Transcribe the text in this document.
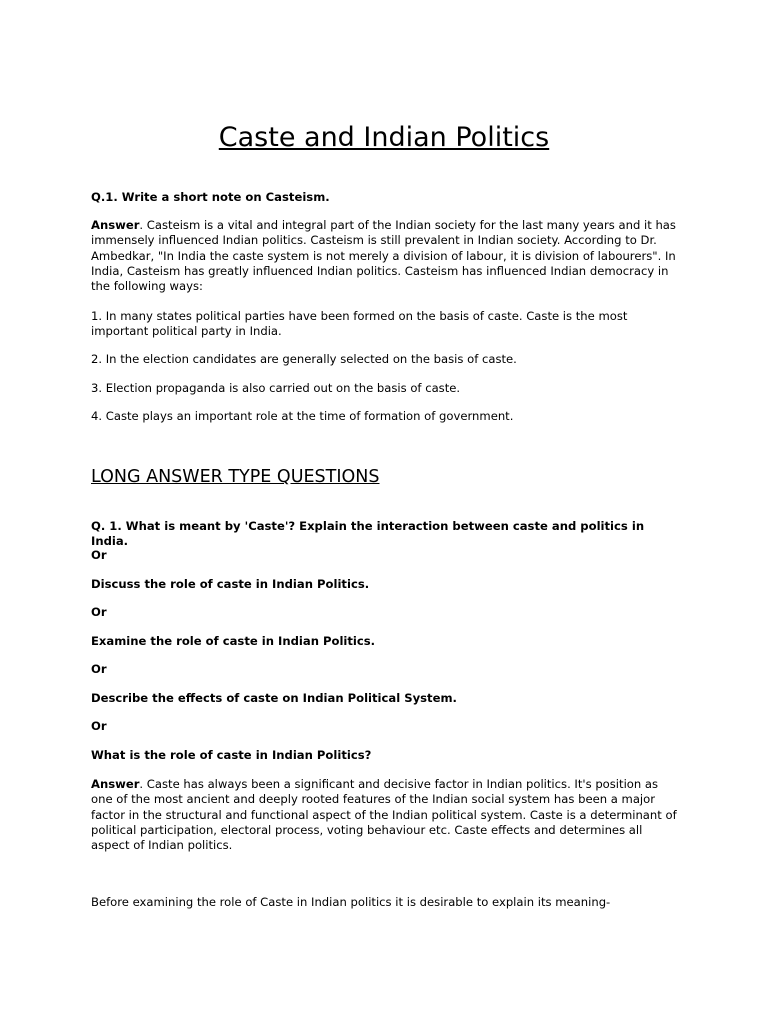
Caste and Indian Politics

Q.1. Write a short note on Casteism.

Answer. Casteism is a vital and integral part of the Indian society for the last many years and it has immensely influenced Indian politics. Casteism is still prevalent in Indian society. According to Dr. Ambedkar, "In India the caste system is not merely a division of labour, it is division of labourers". In India, Casteism has greatly influenced Indian politics. Casteism has influenced Indian democracy in the following ways:

1. In many states political parties have been formed on the basis of caste. Caste is the most important political party in India.

2. In the election candidates are generally selected on the basis of caste.

3. Election propaganda is also carried out on the basis of caste.

4. Caste plays an important role at the time of formation of government.

LONG ANSWER TYPE QUESTIONS

Q. 1. What is meant by 'Caste'? Explain the interaction between caste and politics in India.

Or

Discuss the role of caste in Indian Politics.

Or

Examine the role of caste in Indian Politics.

Or

Describe the effects of caste on Indian Political System.

Or

What is the role of caste in Indian Politics?

Answer. Caste has always been a significant and decisive factor in Indian politics. It's position as one of the most ancient and deeply rooted features of the Indian social system has been a major factor in the structural and functional aspect of the Indian political system. Caste is a determinant of political participation, electoral process, voting behaviour etc. Caste effects and determines all aspect of Indian politics.

Before examining the role of Caste in Indian politics it is desirable to explain its meaning-
